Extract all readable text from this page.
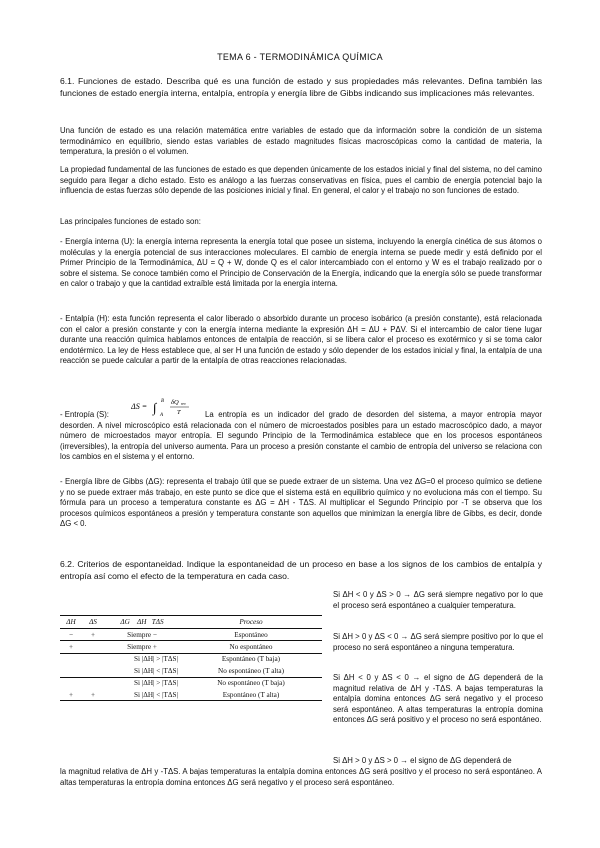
TEMA 6 - TERMODINÁMICA QUÍMICA

6.1. Funciones de estado. Describa qué es una función de estado y sus propiedades más relevantes. Defina también las funciones de estado energía interna, entalpía, entropía y energía libre de Gibbs indicando sus implicaciones más relevantes.

Una función de estado es una relación matemática entre variables de estado que da información sobre la condición de un sistema termodinámico en equilibrio, siendo estas variables de estado magnitudes físicas macroscópicas como la cantidad de materia, la temperatura, la presión o el volumen.

La propiedad fundamental de las funciones de estado es que dependen únicamente de los estados inicial y final del sistema, no del camino seguido para llegar a dicho estado. Esto es análogo a las fuerzas conservativas en física, pues el cambio de energía potencial bajo la influencia de estas fuerzas sólo depende de las posiciones inicial y final. En general, el calor y el trabajo no son funciones de estado.

Las principales funciones de estado son:

- Energía interna (U): la energía interna representa la energía total que posee un sistema, incluyendo la energía cinética de sus átomos o moléculas y la energía potencial de sus interacciones moleculares. El cambio de energía interna se puede medir y está definido por el Primer Principio de la Termodinámica, ΔU = Q + W, donde Q es el calor intercambiado con el entorno y W es el trabajo realizado por o sobre el sistema. Se conoce también como el Principio de Conservación de la Energía, indicando que la energía sólo se puede transformar en calor o trabajo y que la cantidad extraíble está limitada por la energía interna.

- Entalpía (H): esta función representa el calor liberado o absorbido durante un proceso isobárico (a presión constante), está relacionada con el calor a presión constante y con la energía interna mediante la expresión ΔH = ΔU + PΔV. Si el intercambio de calor tiene lugar durante una reacción química hablamos entonces de entalpía de reacción, si se libera calor el proceso es exotérmico y si se toma calor endotérmico. La ley de Hess establece que, al ser H una función de estado y sólo depender de los estados inicial y final, la entalpía de una reacción se puede calcular a partir de la entalpía de otras reacciones relacionadas.

- Entropía (S):
ΔS = ∫ B
A
δQ rev
T	La entropía es un indicador del grado de desorden del sistema, a mayor entropía mayor desorden. A nivel microscópico está relacionada con el número de microestados posibles para un estado macroscópico dado, a mayor número de microestados mayor entropía. El segundo Principio de la Termodinámica establece que en los procesos espontáneos (irreversibles), la entropía del universo aumenta. Para un proceso a presión constante el cambio de entropía del universo se relaciona con los cambios en el sistema y el entorno.

- Energía libre de Gibbs (ΔG): representa el trabajo útil que se puede extraer de un sistema. Una vez ΔG=0 el proceso químico se detiene y no se puede extraer más trabajo, en este punto se dice que el sistema está en equilibrio químico y no evoluciona más con el tiempo. Su fórmula para un proceso a temperatura constante es ΔG = ΔH - TΔS. Al multiplicar el Segundo Principio por -T se observa que los procesos químicos espontáneos a presión y temperatura constante son aquellos que minimizan la energía libre de Gibbs, es decir, donde ΔG < 0.

6.2. Criterios de espontaneidad. Indique la espontaneidad de un proceso en base a los signos de los cambios de entalpía y entropía así como el efecto de la temperatura en cada caso.

ΔH	ΔS	ΔG ΔH TΔS	Proceso
−	+	Siempre −	Espontáneo
+		Siempre +	No espontáneo
		Si |ΔH| > |TΔS|	Espontáneo (T baja)
		Si |ΔH| < |TΔS|	No espontáneo (T alta)
		Si |ΔH| > |TΔS|	No espontáneo (T baja)
+	+	Si |ΔH| < |TΔS|	Espontáneo (T alta)

Si ΔH < 0 y ΔS > 0 → ΔG será siempre negativo por lo que el proceso será espontáneo a cualquier temperatura.

Si ΔH > 0 y ΔS < 0 → ΔG será siempre positivo por lo que el proceso no será espontáneo a ninguna temperatura.

Si ΔH < 0 y ΔS < 0 → el signo de ΔG dependerá de la magnitud relativa de ΔH y -TΔS. A bajas temperaturas la entalpía domina entonces ΔG será negativo y el proceso será espontáneo. A altas temperaturas la entropía domina entonces ΔG será positivo y el proceso no será espontáneo.

Si ΔH > 0 y ΔS > 0 → el signo de ΔG dependerá de

la magnitud relativa de ΔH y -TΔS. A bajas temperaturas la entalpía domina entonces ΔG será positivo y el proceso no será espontáneo. A altas temperaturas la entropía domina entonces ΔG será negativo y el proceso será espontáneo.
